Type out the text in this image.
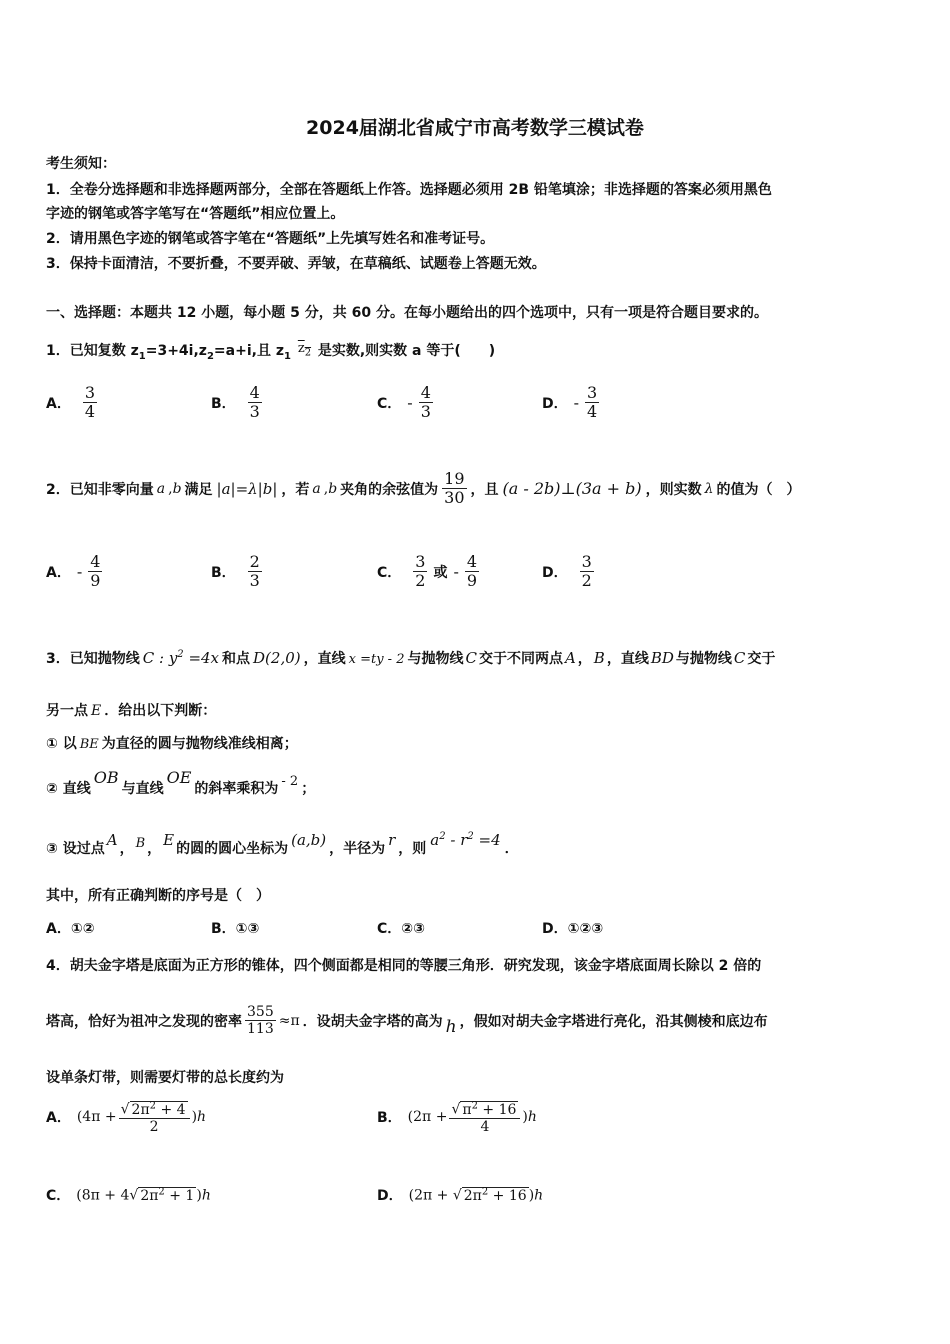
2024届湖北省咸宁市高考数学三模试卷
考生须知：
1．全卷分选择题和非选择题两部分，全部在答题纸上作答。选择题必须用 2B 铅笔填涂；非选择题的答案必须用黑色
字迹的钢笔或答字笔写在“答题纸”相应位置上。
2．请用黑色字迹的钢笔或答字笔在“答题纸”上先填写姓名和准考证号。
3．保持卡面清洁，不要折叠，不要弄破、弄皱，在草稿纸、试题卷上答题无效。
一、选择题：本题共 12 小题，每小题 5 分，共 60 分。在每小题给出的四个选项中，只有一项是符合题目要求的。
1．已知复数 $z_1=3+4i,z_2=a+i$,且 $z_1$
$z_2$ 是实数,则实数 a 等于(　　)
A． $\frac{3}{4}$	B． $\frac{4}{3}$	C． - $\frac{4}{3}$	D． - $\frac{3}{4}$
2．已知非零向量 a , b 满足 |a|=λ|b| ，若 a , b 夹角的余弦值为 $\frac{19}{30}$ ，且 (a - 2b)⊥(3a + b) ，则实数 λ 的值为（　）
A． - $\frac{4}{9}$	B． $\frac{2}{3}$	C． $\frac{3}{2}$ 或 - $\frac{4}{9}$	D． $\frac{3}{2}$
3．已知抛物线 C : $y^2 =4x$ 和点 D(2,0) ，直线 x =ty - 2 与抛物线 C 交于不同两点 A ， B ，直线 BD 与抛物线 C 交于
另一点 E ．给出以下判断：
① 以 BE 为直径的圆与抛物线准线相离；
② 直线OB与直线OE的斜率乘积为 - 2 ；
③ 设过点 A ， B ， E 的圆的圆心坐标为 (a,b) ，半径为 r ，则 $a^2 - r^2 =4$ ．
其中，所有正确判断的序号是（　）
A．①②	B．①③	C．②③	D．①②③
4．胡夫金字塔是底面为正方形的锥体，四个侧面都是相同的等腰三角形．研究发现，该金字塔底面周长除以 2 倍的
塔高，恰好为祖冲之发现的密率 $\frac{355}{113} \approx\pi$ ．设胡夫金字塔的高为 h ，假如对胡夫金字塔进行亮化，沿其侧棱和底边布
设单条灯带，则需要灯带的总长度约为
A． ($4\pi + \frac{√ 2\pi^2 + 4}{2}$ ) h	B． ($2\pi + \frac{√ \pi^2 + 16}{4}$ ) h
C． (8π + 4√ $2\pi^2 + 1$ )h	D． (2π + √ $2\pi^2 + 16$ )h
